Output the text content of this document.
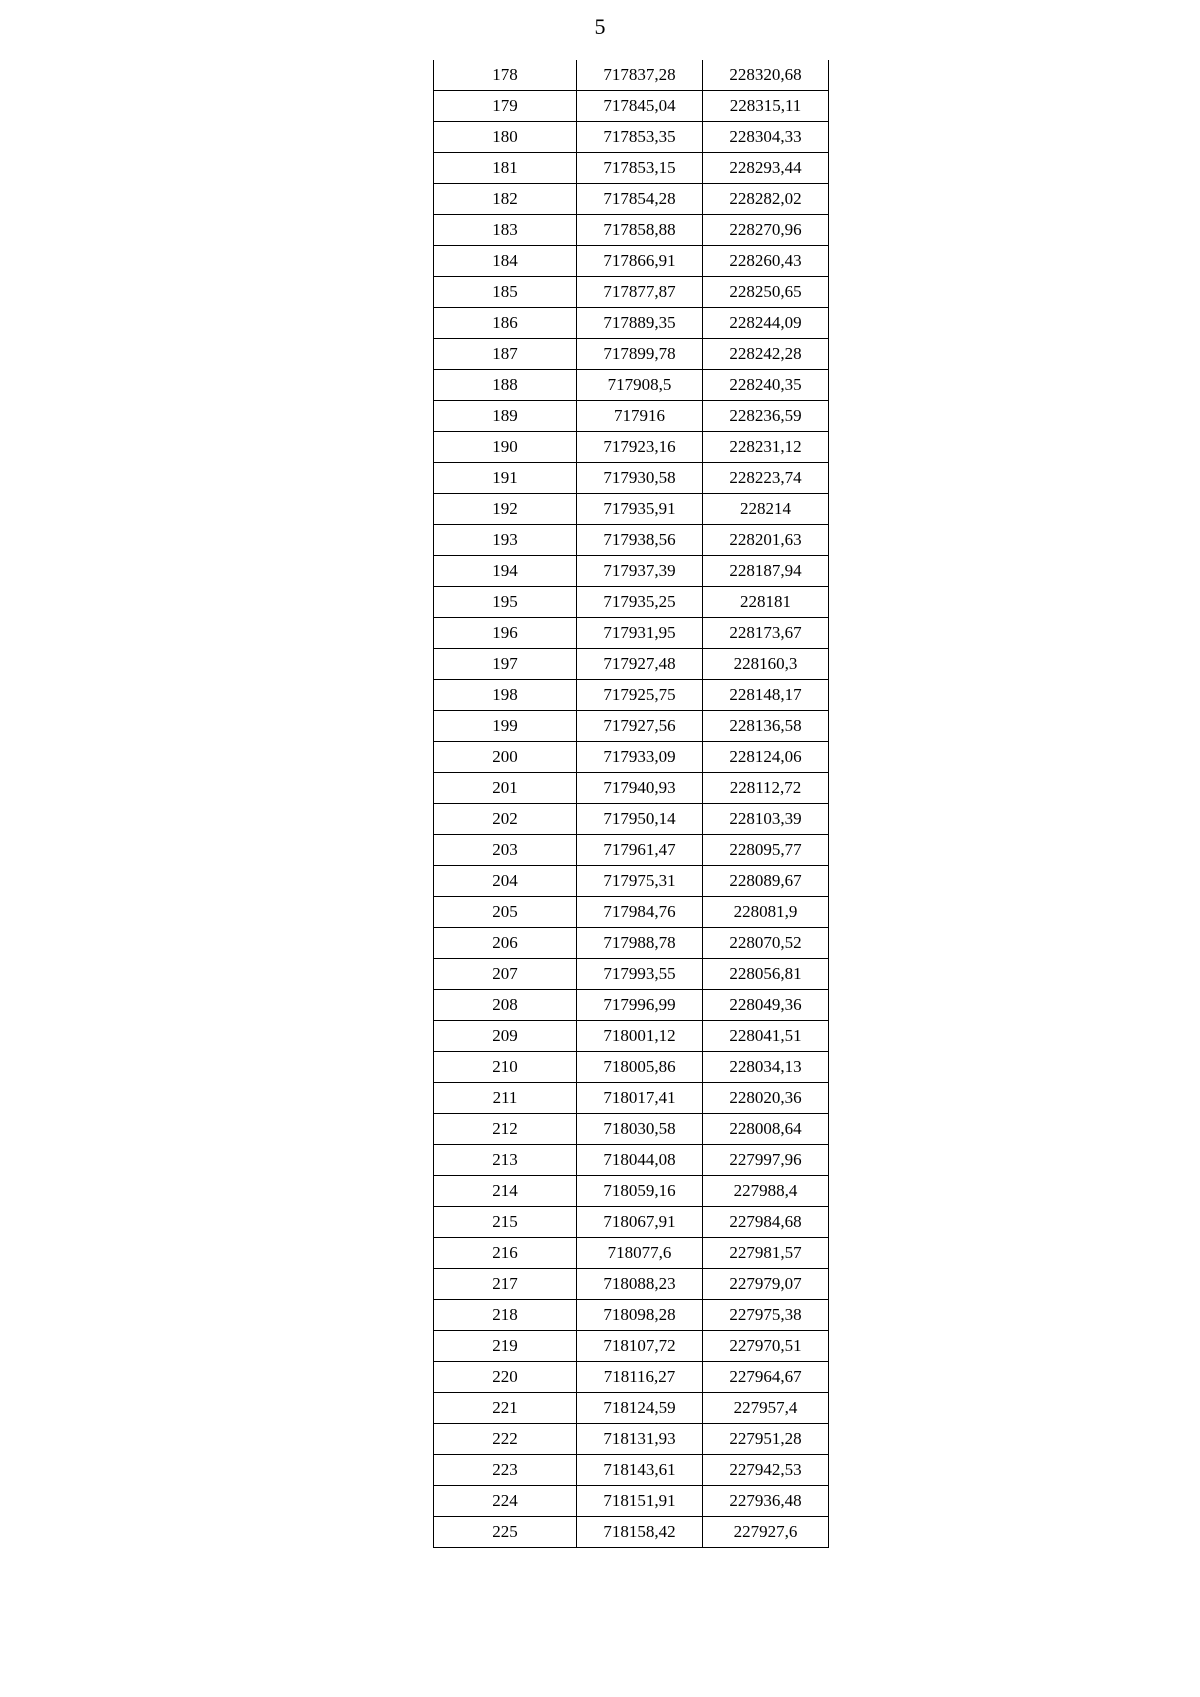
5
178	717837,28	228320,68
179	717845,04	228315,11
180	717853,35	228304,33
181	717853,15	228293,44
182	717854,28	228282,02
183	717858,88	228270,96
184	717866,91	228260,43
185	717877,87	228250,65
186	717889,35	228244,09
187	717899,78	228242,28
188	717908,5	228240,35
189	717916	228236,59
190	717923,16	228231,12
191	717930,58	228223,74
192	717935,91	228214
193	717938,56	228201,63
194	717937,39	228187,94
195	717935,25	228181
196	717931,95	228173,67
197	717927,48	228160,3
198	717925,75	228148,17
199	717927,56	228136,58
200	717933,09	228124,06
201	717940,93	228112,72
202	717950,14	228103,39
203	717961,47	228095,77
204	717975,31	228089,67
205	717984,76	228081,9
206	717988,78	228070,52
207	717993,55	228056,81
208	717996,99	228049,36
209	718001,12	228041,51
210	718005,86	228034,13
211	718017,41	228020,36
212	718030,58	228008,64
213	718044,08	227997,96
214	718059,16	227988,4
215	718067,91	227984,68
216	718077,6	227981,57
217	718088,23	227979,07
218	718098,28	227975,38
219	718107,72	227970,51
220	718116,27	227964,67
221	718124,59	227957,4
222	718131,93	227951,28
223	718143,61	227942,53
224	718151,91	227936,48
225	718158,42	227927,6
